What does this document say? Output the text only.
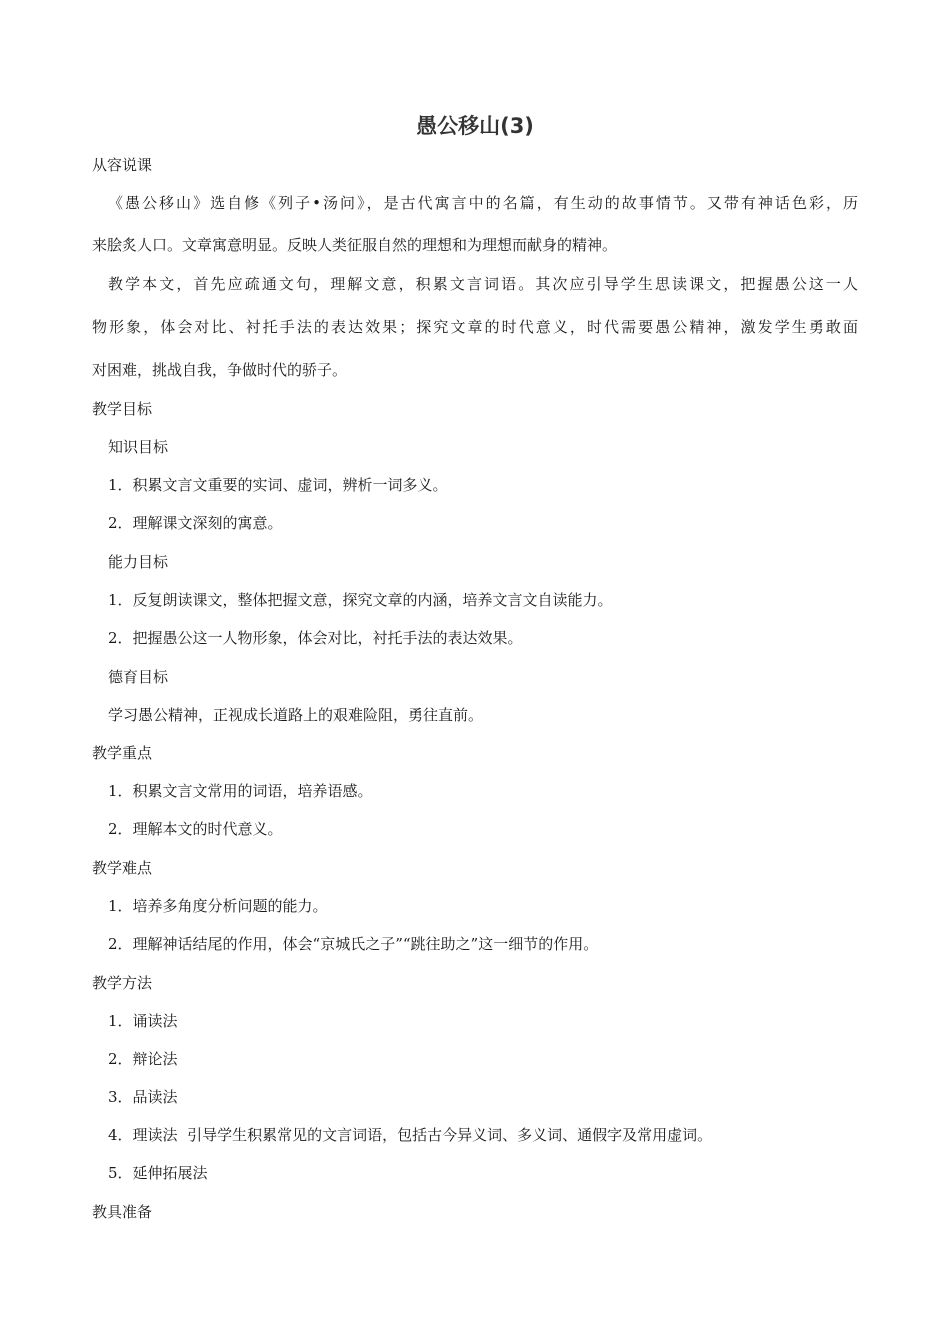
愚公移山(3)
从容说课
《愚公移山》选自修《列子•汤问》，是古代寓言中的名篇，有生动的故事情节。又带有神话色彩，历
来脍炙人口。文章寓意明显。反映人类征服自然的理想和为理想而献身的精神。
教学本文，首先应疏通文句，理解文意，积累文言词语。其次应引导学生思读课文，把握愚公这一人
物形象，体会对比、衬托手法的表达效果；探究文章的时代意义，时代需要愚公精神，激发学生勇敢面
对困难，挑战自我，争做时代的骄子。
教学目标
知识目标
1．积累文言文重要的实词、虚词，辨析一词多义。
2．理解课文深刻的寓意。
能力目标
1．反复朗读课文，整体把握文意，探究文章的内涵，培养文言文自读能力。
2．把握愚公这一人物形象，体会对比，衬托手法的表达效果。
德育目标
学习愚公精神，正视成长道路上的艰难险阻，勇往直前。
教学重点
1．积累文言文常用的词语，培养语感。
2．理解本文的时代意义。
教学难点
1．培养多角度分析问题的能力。
2．理解神话结尾的作用，体会“京城氏之子”“跳往助之”这一细节的作用。
教学方法
1．诵读法
2．辩论法
3．品读法
4．理读法  引导学生积累常见的文言词语，包括古今异义词、多义词、通假字及常用虚词。
5．延伸拓展法
教具准备
